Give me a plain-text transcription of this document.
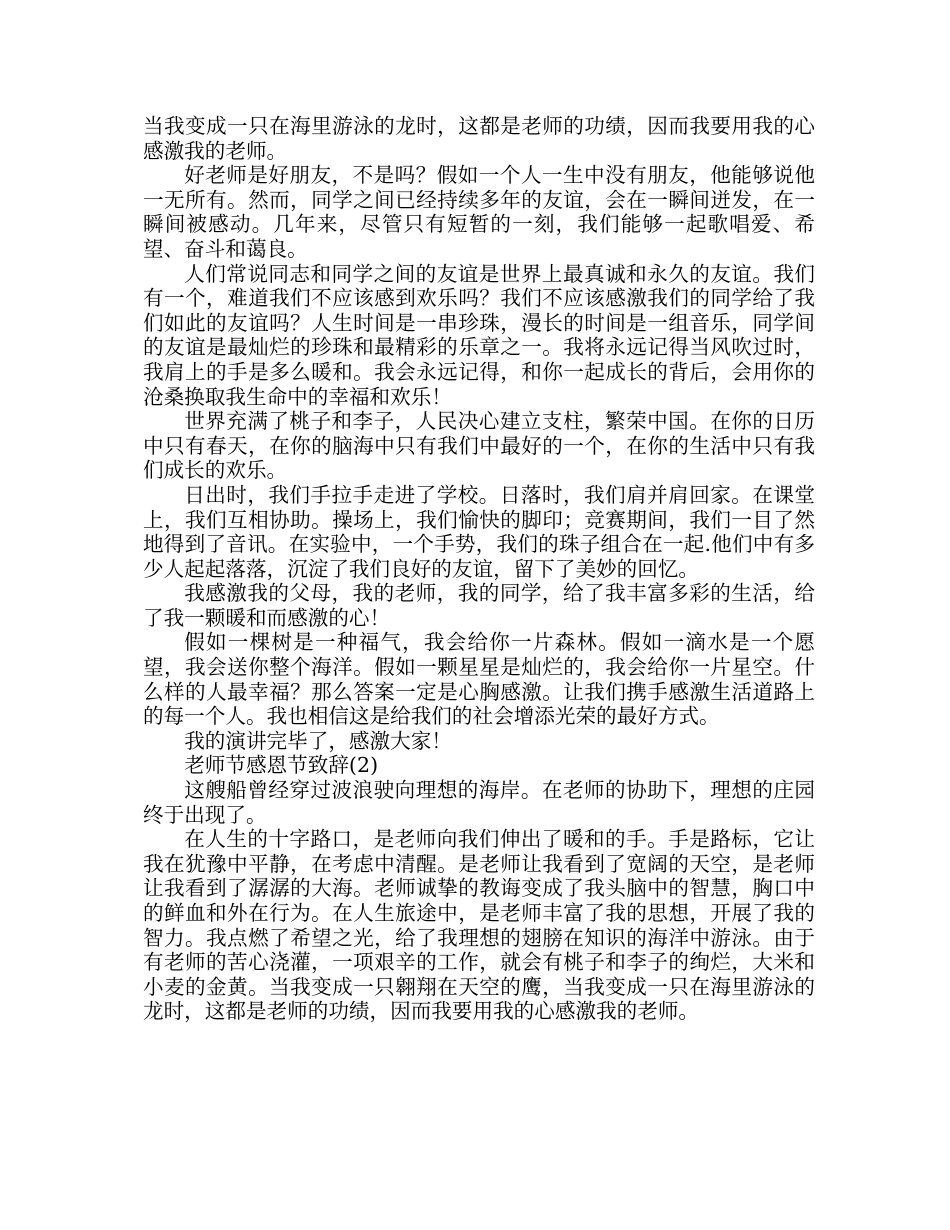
当我变成一只在海里游泳的龙时，这都是老师的功绩，因而我要用我的心感激我的老师。

好老师是好朋友，不是吗？假如一个人一生中没有朋友，他能够说他一无所有。然而，同学之间已经持续多年的友谊，会在一瞬间迸发，在一瞬间被感动。几年来，尽管只有短暂的一刻，我们能够一起歌唱爱、希望、奋斗和蔼良。

人们常说同志和同学之间的友谊是世界上最真诚和永久的友谊。我们有一个，难道我们不应该感到欢乐吗？我们不应该感激我们的同学给了我们如此的友谊吗？人生时间是一串珍珠，漫长的时间是一组音乐，同学间的友谊是最灿烂的珍珠和最精彩的乐章之一。我将永远记得当风吹过时，我肩上的手是多么暖和。我会永远记得，和你一起成长的背后，会用你的沧桑换取我生命中的幸福和欢乐！

世界充满了桃子和李子，人民决心建立支柱，繁荣中国。在你的日历中只有春天，在你的脑海中只有我们中最好的一个，在你的生活中只有我们成长的欢乐。

日出时，我们手拉手走进了学校。日落时，我们肩并肩回家。在课堂上，我们互相协助。操场上，我们愉快的脚印；竞赛期间，我们一目了然地得到了音讯。在实验中，一个手势，我们的珠子组合在一起.他们中有多少人起起落落，沉淀了我们良好的友谊，留下了美妙的回忆。

我感激我的父母，我的老师，我的同学，给了我丰富多彩的生活，给了我一颗暖和而感激的心！

假如一棵树是一种福气，我会给你一片森林。假如一滴水是一个愿望，我会送你整个海洋。假如一颗星星是灿烂的，我会给你一片星空。什么样的人最幸福？那么答案一定是心胸感激。让我们携手感激生活道路上的每一个人。我也相信这是给我们的社会增添光荣的最好方式。

我的演讲完毕了，感激大家！

老师节感恩节致辞(2)

这艘船曾经穿过波浪驶向理想的海岸。在老师的协助下，理想的庄园终于出现了。

在人生的十字路口，是老师向我们伸出了暖和的手。手是路标，它让我在犹豫中平静，在考虑中清醒。是老师让我看到了宽阔的天空，是老师让我看到了潺潺的大海。老师诚挚的教诲变成了我头脑中的智慧，胸口中的鲜血和外在行为。在人生旅途中，是老师丰富了我的思想，开展了我的智力。我点燃了希望之光，给了我理想的翅膀在知识的海洋中游泳。由于有老师的苦心浇灌，一项艰辛的工作，就会有桃子和李子的绚烂，大米和小麦的金黄。当我变成一只翱翔在天空的鹰，当我变成一只在海里游泳的龙时，这都是老师的功绩，因而我要用我的心感激我的老师。
